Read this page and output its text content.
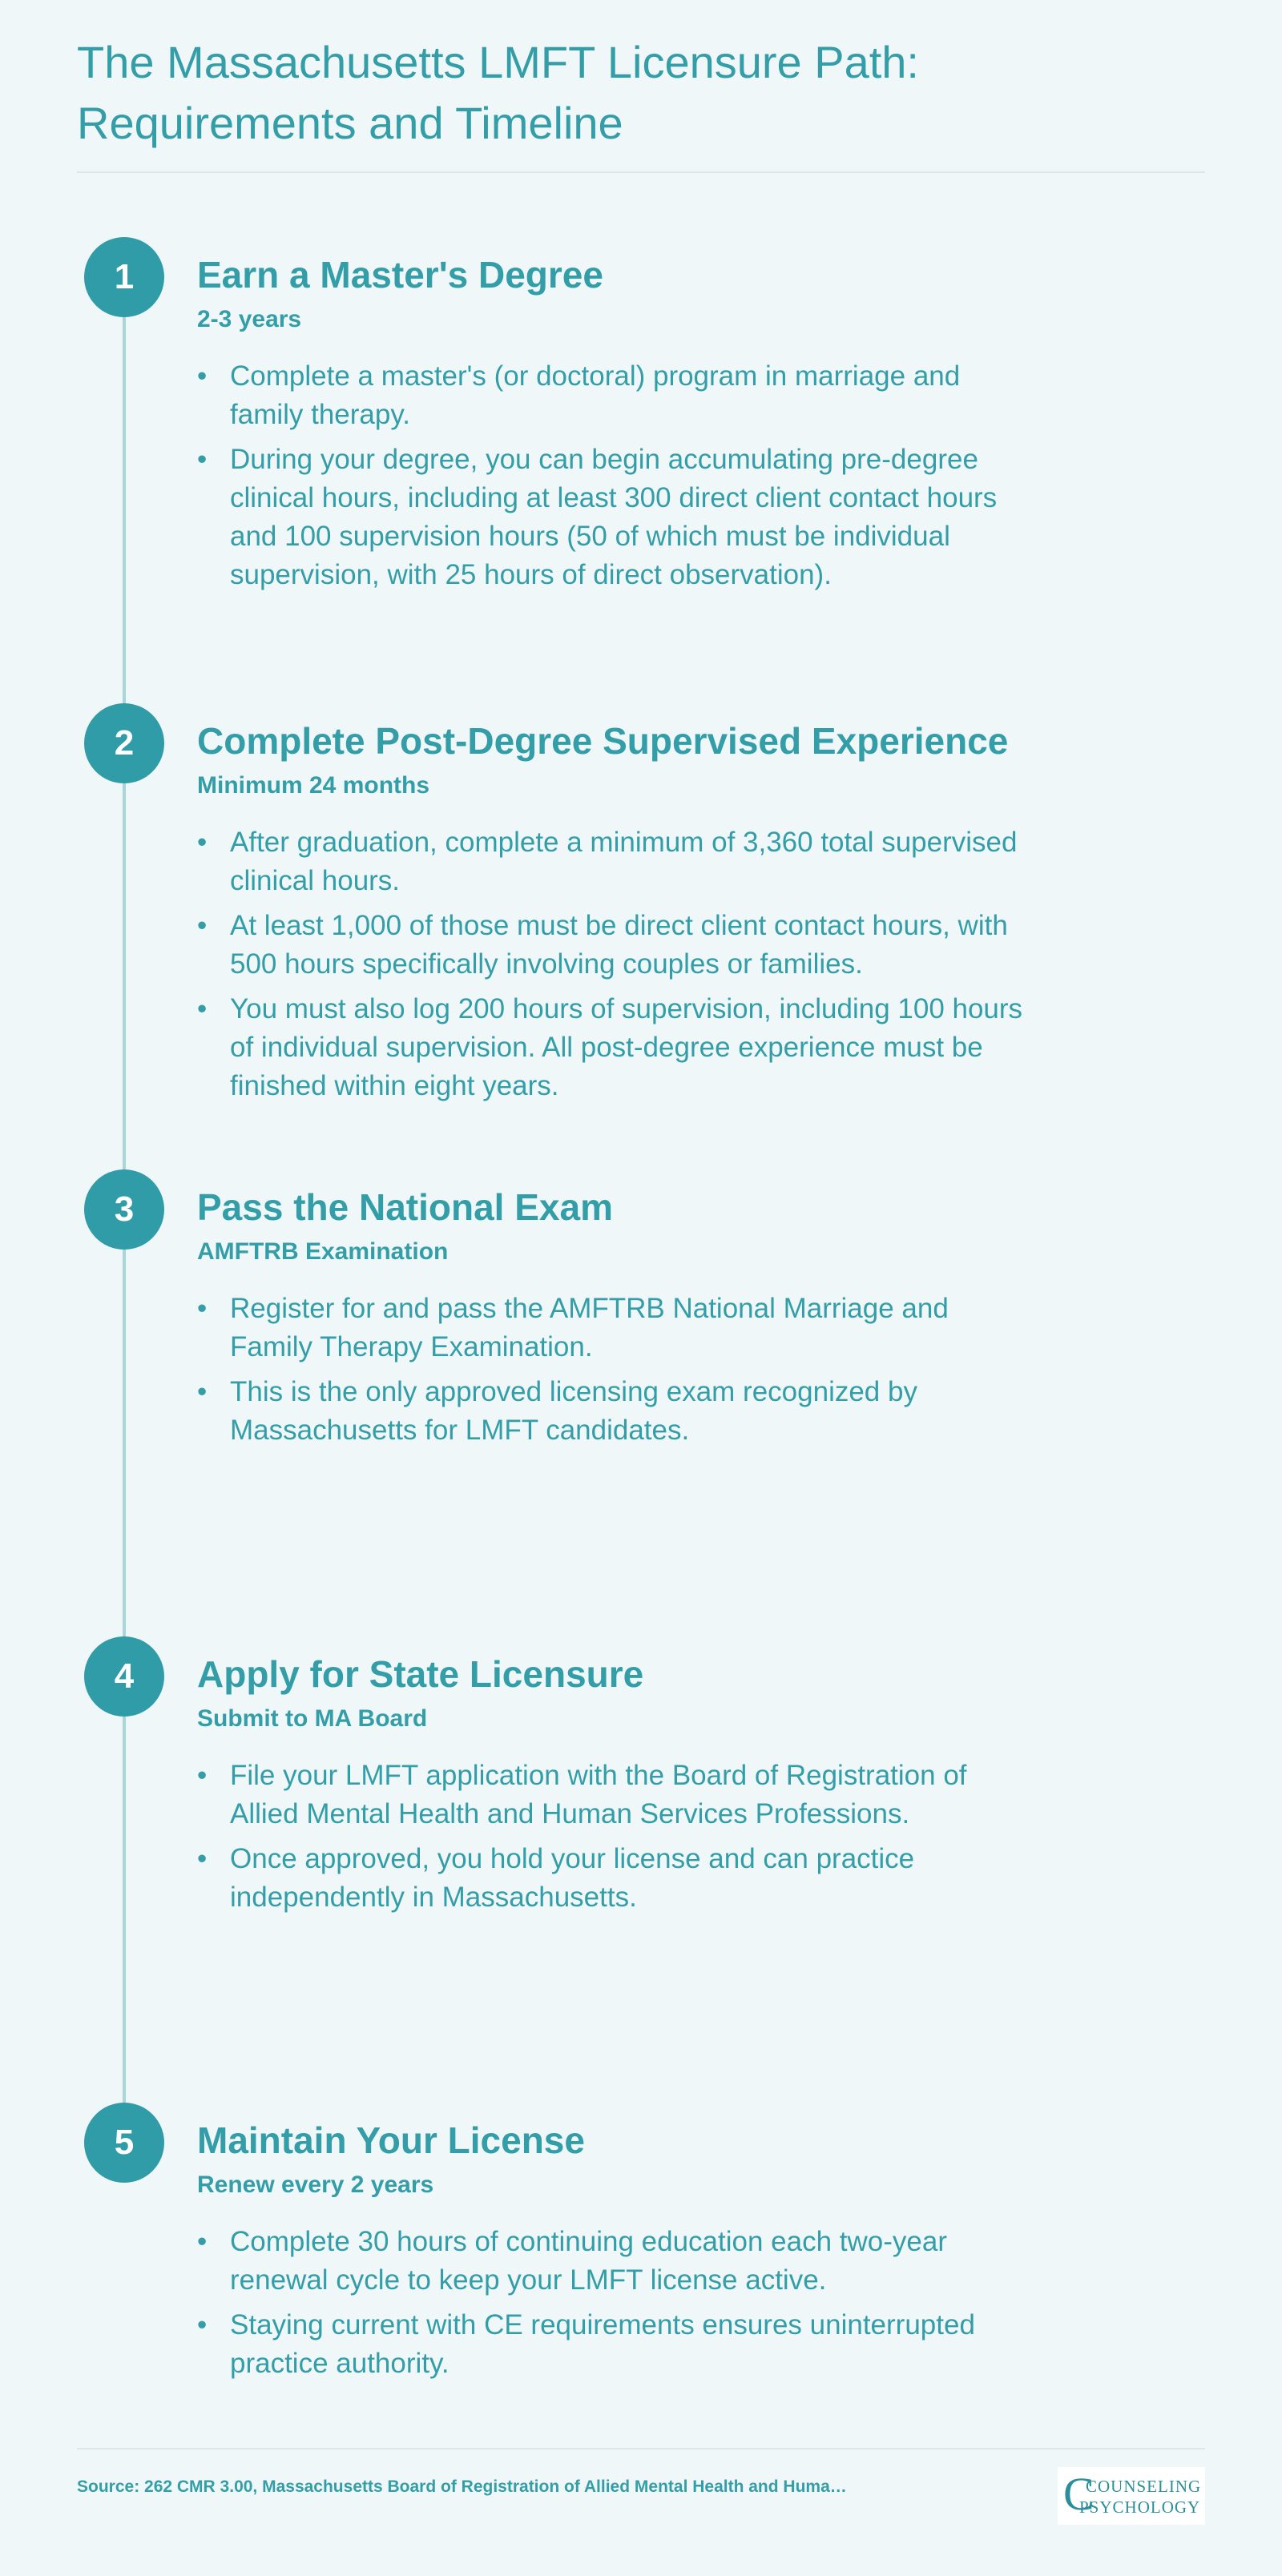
The Massachusetts LMFT Licensure Path: Requirements and Timeline
1	Earn a Master's Degree
2-3 years
• Complete a master's (or doctoral) program in marriage and family therapy.
• During your degree, you can begin accumulating pre-degree clinical hours, including at least 300 direct client contact hours and 100 supervision hours (50 of which must be individual supervision, with 25 hours of direct observation).
2	Complete Post-Degree Supervised Experience
Minimum 24 months
• After graduation, complete a minimum of 3,360 total supervised clinical hours.
• At least 1,000 of those must be direct client contact hours, with 500 hours specifically involving couples or families.
• You must also log 200 hours of supervision, including 100 hours of individual supervision. All post-degree experience must be finished within eight years.
3	Pass the National Exam
AMFTRB Examination
• Register for and pass the AMFTRB National Marriage and Family Therapy Examination.
• This is the only approved licensing exam recognized by Massachusetts for LMFT candidates.
4	Apply for State Licensure
Submit to MA Board
• File your LMFT application with the Board of Registration of Allied Mental Health and Human Services Professions.
• Once approved, you hold your license and can practice independently in Massachusetts.
5	Maintain Your License
Renew every 2 years
• Complete 30 hours of continuing education each two-year renewal cycle to keep your LMFT license active.
• Staying current with CE requirements ensures uninterrupted practice authority.
Source: 262 CMR 3.00, Massachusetts Board of Registration of Allied Mental Health and Huma…	C
COUNSELING
PSYCHOLOGY
